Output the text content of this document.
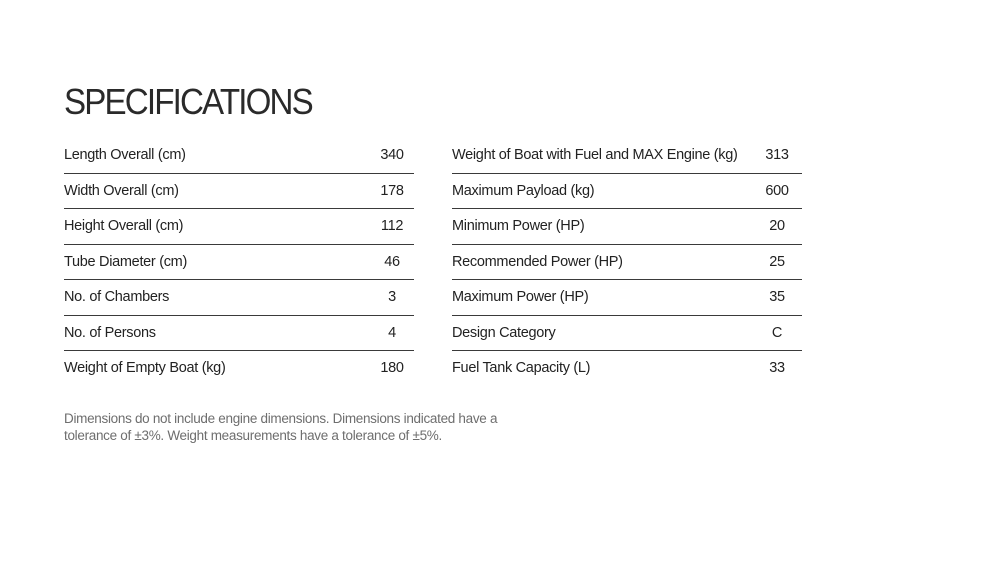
SPECIFICATIONS
Length Overall (cm)	340
Width Overall (cm)	178
Height Overall (cm)	112
Tube Diameter (cm)	46
No. of Chambers	3
No. of Persons	4
Weight of Empty Boat (kg)	180
Weight of Boat with Fuel and MAX Engine (kg)	313
Maximum Payload (kg)	600
Minimum Power (HP)	20
Recommended Power (HP)	25
Maximum Power (HP)	35
Design Category	C
Fuel Tank Capacity (L)	33

Dimensions do not include engine dimensions. Dimensions indicated have a
tolerance of ±3%. Weight measurements have a tolerance of ±5%.
